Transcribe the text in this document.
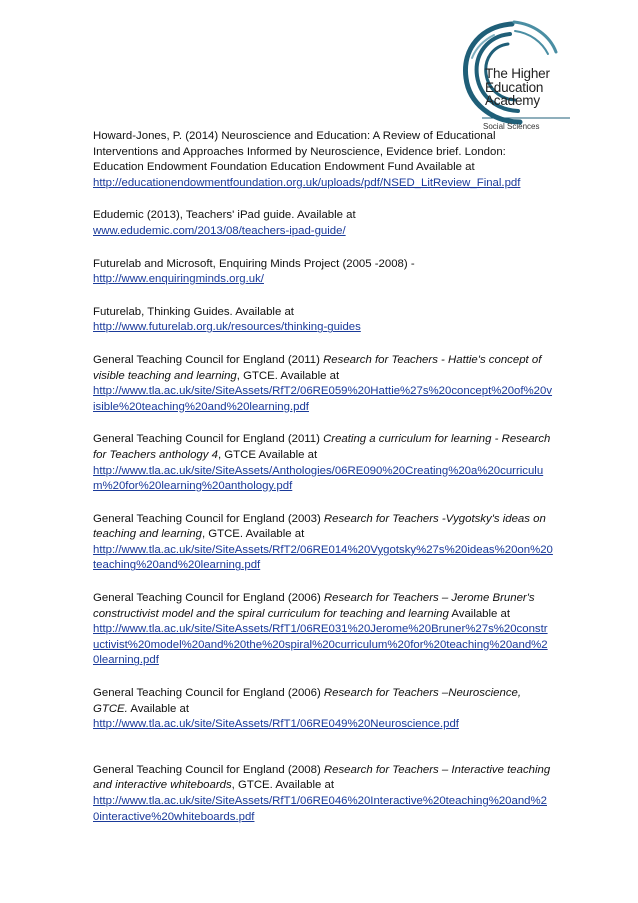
The Higher
Education
Academy
Social Sciences
Howard-Jones, P. (2014) Neuroscience and Education: A Review of Educational Interventions and Approaches Informed by Neuroscience, Evidence brief. London: Education Endowment Foundation Education Endowment Fund Available at
http://educationendowmentfoundation.org.uk/uploads/pdf/NSED_LitReview_Final.pdf
Edudemic (2013), Teachers' iPad guide. Available at
www.edudemic.com/2013/08/teachers-ipad-guide/
Futurelab and Microsoft, Enquiring Minds Project (2005 -2008) -
http://www.enquiringminds.org.uk/
Futurelab, Thinking Guides. Available at
http://www.futurelab.org.uk/resources/thinking-guides
General Teaching Council for England (2011) Research for Teachers - Hattie's concept of visible teaching and learning, GTCE. Available at
http://www.tla.ac.uk/site/SiteAssets/RfT2/06RE059%20Hattie%27s%20concept%20of%20visible%20teaching%20and%20learning.pdf
General Teaching Council for England (2011) Creating a curriculum for learning - Research for Teachers anthology 4, GTCE Available at
http://www.tla.ac.uk/site/SiteAssets/Anthologies/06RE090%20Creating%20a%20curriculum%20for%20learning%20anthology.pdf
General Teaching Council for England (2003) Research for Teachers -Vygotsky's ideas on teaching and learning, GTCE. Available at
http://www.tla.ac.uk/site/SiteAssets/RfT2/06RE014%20Vygotsky%27s%20ideas%20on%20teaching%20and%20learning.pdf
General Teaching Council for England (2006) Research for Teachers – Jerome Bruner's constructivist model and the spiral curriculum for teaching and learning Available at
http://www.tla.ac.uk/site/SiteAssets/RfT1/06RE031%20Jerome%20Bruner%27s%20constructivist%20model%20and%20the%20spiral%20curriculum%20for%20teaching%20and%20learning.pdf
General Teaching Council for England (2006) Research for Teachers –Neuroscience, GTCE. Available at
http://www.tla.ac.uk/site/SiteAssets/RfT1/06RE049%20Neuroscience.pdf
General Teaching Council for England (2008) Research for Teachers – Interactive teaching and interactive whiteboards, GTCE. Available at
http://www.tla.ac.uk/site/SiteAssets/RfT1/06RE046%20Interactive%20teaching%20and%20interactive%20whiteboards.pdf
